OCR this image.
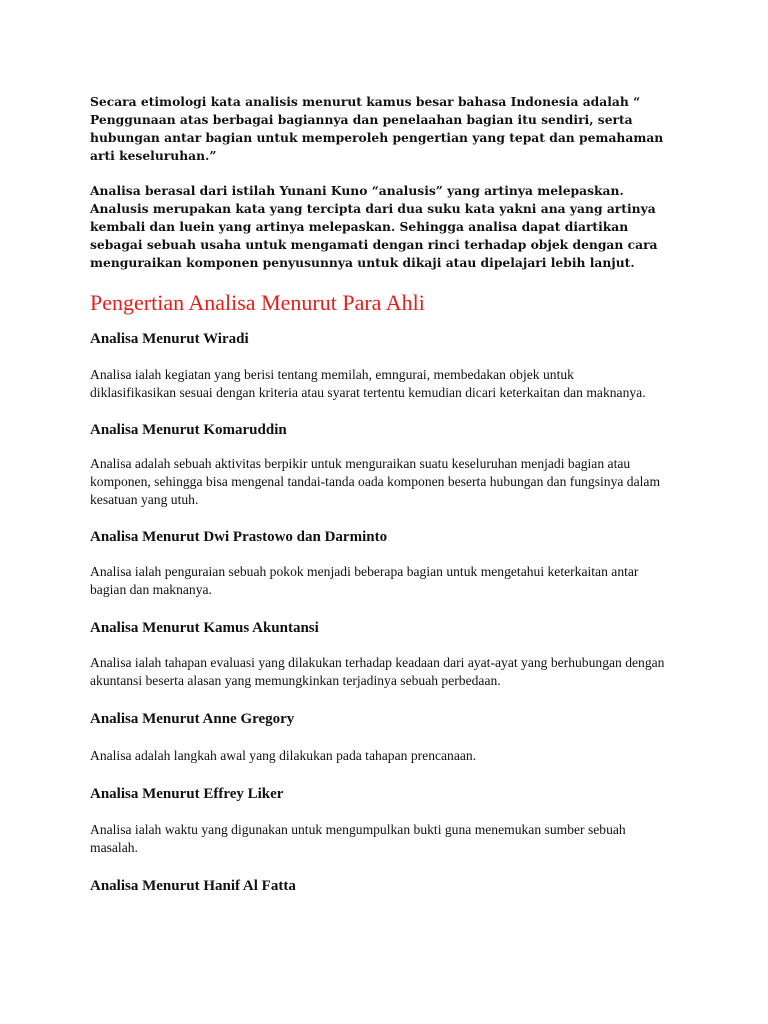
Secara etimologi kata analisis menurut kamus besar bahasa Indonesia adalah “ Penggunaan atas berbagai bagiannya dan penelaahan bagian itu sendiri, serta hubungan antar bagian untuk memperoleh pengertian yang tepat dan pemahaman arti keseluruhan.”

Analisa berasal dari istilah Yunani Kuno “analusis” yang artinya melepaskan. Analusis merupakan kata yang tercipta dari dua suku kata yakni ana yang artinya kembali dan luein yang artinya melepaskan. Sehingga analisa dapat diartikan sebagai sebuah usaha untuk mengamati dengan rinci terhadap objek dengan cara menguraikan komponen penyusunnya untuk dikaji atau dipelajari lebih lanjut.

Pengertian Analisa Menurut Para Ahli
Analisa Menurut Wiradi

Analisa ialah kegiatan yang berisi tentang memilah, emngurai, membedakan objek untuk diklasifikasikan sesuai dengan kriteria atau syarat tertentu kemudian dicari keterkaitan dan maknanya.

Analisa Menurut Komaruddin

Analisa adalah sebuah aktivitas berpikir untuk menguraikan suatu keseluruhan menjadi bagian atau komponen, sehingga bisa mengenal tandai-tanda oada komponen beserta hubungan dan fungsinya dalam kesatuan yang utuh.

Analisa Menurut Dwi Prastowo dan Darminto

Analisa ialah penguraian sebuah pokok menjadi beberapa bagian untuk mengetahui keterkaitan antar bagian dan maknanya.

Analisa Menurut Kamus Akuntansi

Analisa ialah tahapan evaluasi yang dilakukan terhadap keadaan dari ayat-ayat yang berhubungan dengan akuntansi beserta alasan yang memungkinkan terjadinya sebuah perbedaan.

Analisa Menurut Anne Gregory

Analisa adalah langkah awal yang dilakukan pada tahapan prencanaan.

Analisa Menurut Effrey Liker

Analisa ialah waktu yang digunakan untuk mengumpulkan bukti guna menemukan sumber sebuah masalah.

Analisa Menurut Hanif Al Fatta
